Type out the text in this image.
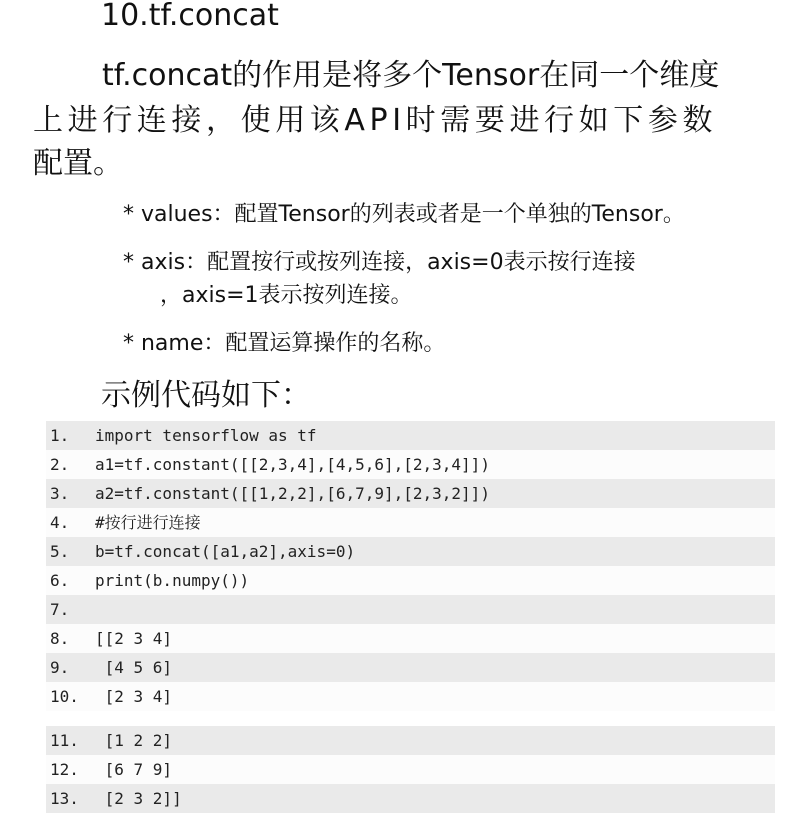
10.tf.concat
tf.concat的作用是将多个Tensor在同一个维度
上进行连接，使用该API时需要进行如下参数
配置。
* values：配置Tensor的列表或者是一个单独的Tensor。
* axis：配置按行或按列连接，axis=0表示按行连接
，axis=1表示按列连接。
* name：配置运算操作的名称。
示例代码如下：
1.	import tensorflow as tf
2.	a1=tf.constant([[2,3,4],[4,5,6],[2,3,4]])
3.	a2=tf.constant([[1,2,2],[6,7,9],[2,3,2]])
4.	#按行进行连接
5.	b=tf.concat([a1,a2],axis=0)
6.	print(b.numpy())
7.
8.	[[2 3 4]
9.	[4 5 6]
10.	[2 3 4]
11.	[1 2 2]
12.	[6 7 9]
13.	[2 3 2]]
